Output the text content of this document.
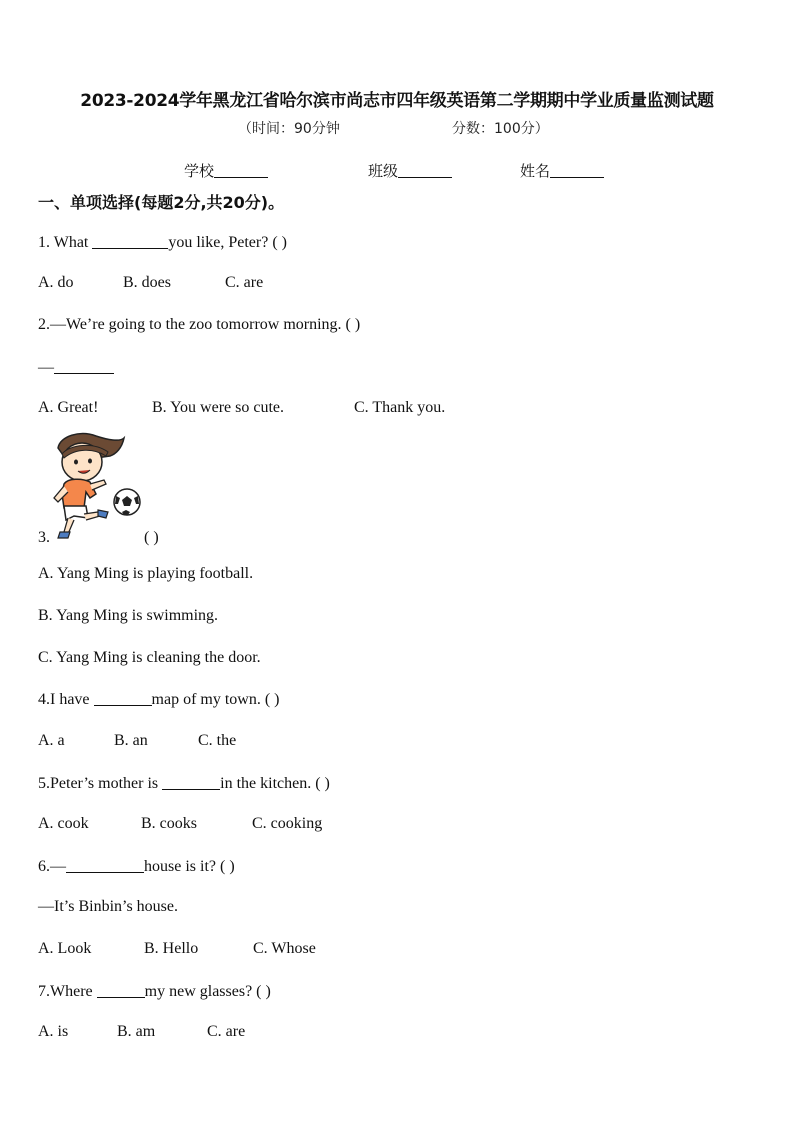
2023-2024学年黑龙江省哈尔滨市尚志市四年级英语第二学期期中学业质量监测试题
（时间：90分钟	分数：100分）
学校	班级	姓名
一、单项选择(每题2分,共20分)。
1. What	you like, Peter? ( )
A. do	B. does	C. are
2.—We’re going to the zoo tomorrow morning. ( )
—
A. Great!	B. You were so cute.	C. Thank you.
3.	( )
A. Yang Ming is playing football.
B. Yang Ming is swimming.
C. Yang Ming is cleaning the door.
4.I have	map of my town. ( )
A. a	B. an	C. the
5.Peter’s mother is	in the kitchen. ( )
A. cook	B. cooks	C. cooking
6.—	house is it? ( )
—It’s Binbin’s house.
A. Look	B. Hello	C. Whose
7.Where	my new glasses? ( )
A. is	B. am	C. are
